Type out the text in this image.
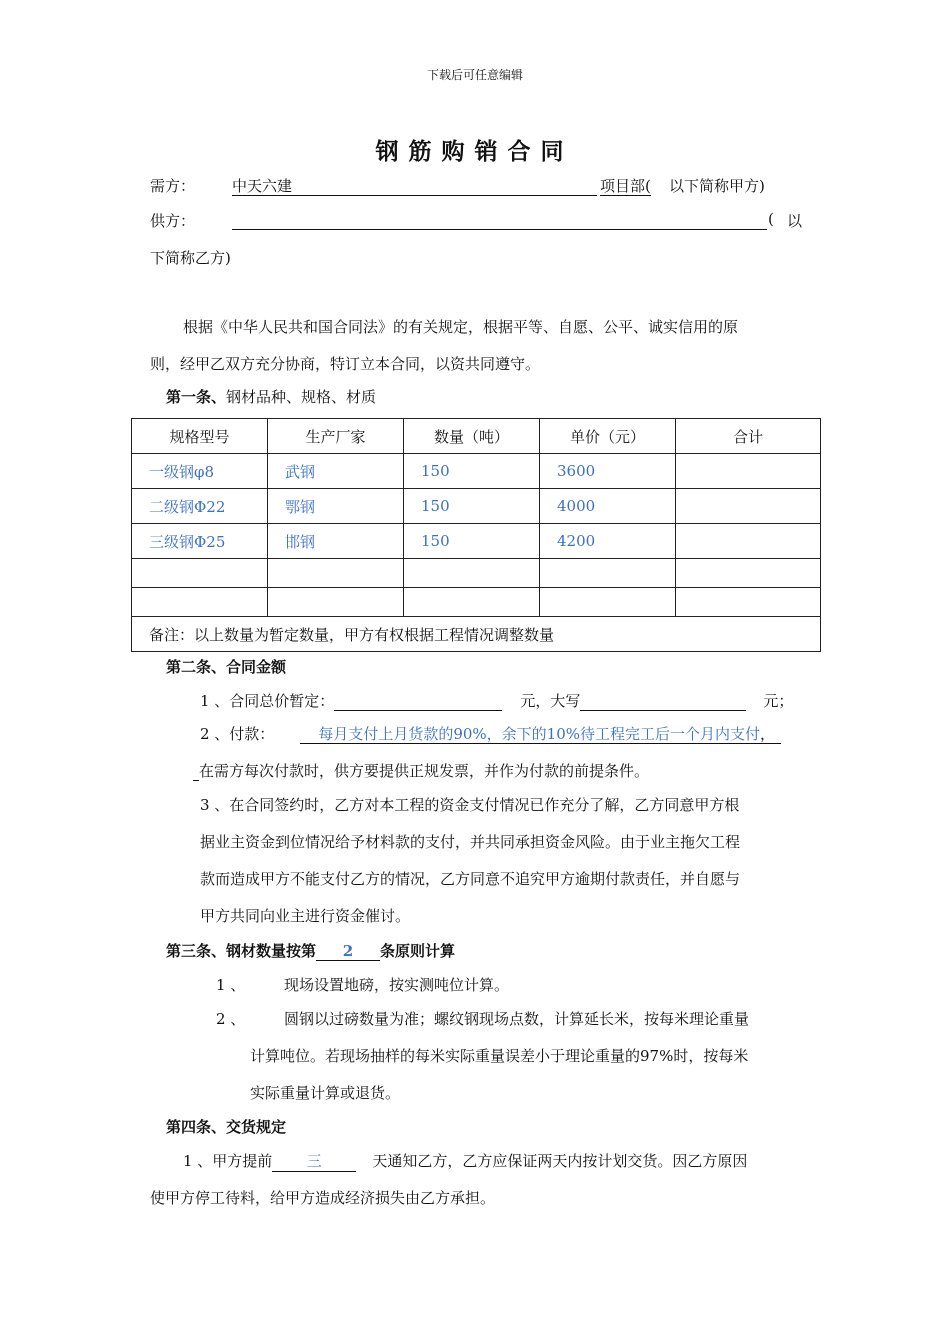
下载后可任意编辑
钢 筋 购 销 合 同
需方： 中天六建	项目部( 以下简称甲方)
供方：	( 以
下简称乙方)
根据《中华人民共和国合同法》的有关规定，根据平等、自愿、公平、诚实信用的原
则，经甲乙双方充分协商，特订立本合同，以资共同遵守。
第一条、钢材品种、规格、材质
规格型号	生产厂家	数量（吨）	单价（元）	合计
一级钢φ8	武钢	150	3600	
二级钢Φ22	鄂钢	150	4000	
三级钢Φ25	邯钢	150	4200	

备注：以上数量为暂定数量，甲方有权根据工程情况调整数量				
第二条、合同金额
1 、合同总价暂定：	元，大写	元；
2 、付款：	每月支付上月货款的90%，余下的10%待工程完工后一个月内支付，
在需方每次付款时，供方要提供正规发票，并作为付款的前提条件。
3 、在合同签约时，乙方对本工程的资金支付情况已作充分了解，乙方同意甲方根
据业主资金到位情况给予材料款的支付，并共同承担资金风险。由于业主拖欠工程
款而造成甲方不能支付乙方的情况，乙方同意不追究甲方逾期付款责任，并自愿与
甲方共同向业主进行资金催讨。
第三条、钢材数量按第 2 条原则计算
1 、	现场设置地磅，按实测吨位计算。
2 、	圆钢以过磅数量为准；螺纹钢现场点数，计算延长米，按每米理论重量
计算吨位。若现场抽样的每米实际重量误差小于理论重量的97%时，按每米
实际重量计算或退货。
第四条、交货规定
1 、甲方提前 三	天通知乙方，乙方应保证两天内按计划交货。因乙方原因
使甲方停工待料，给甲方造成经济损失由乙方承担。
